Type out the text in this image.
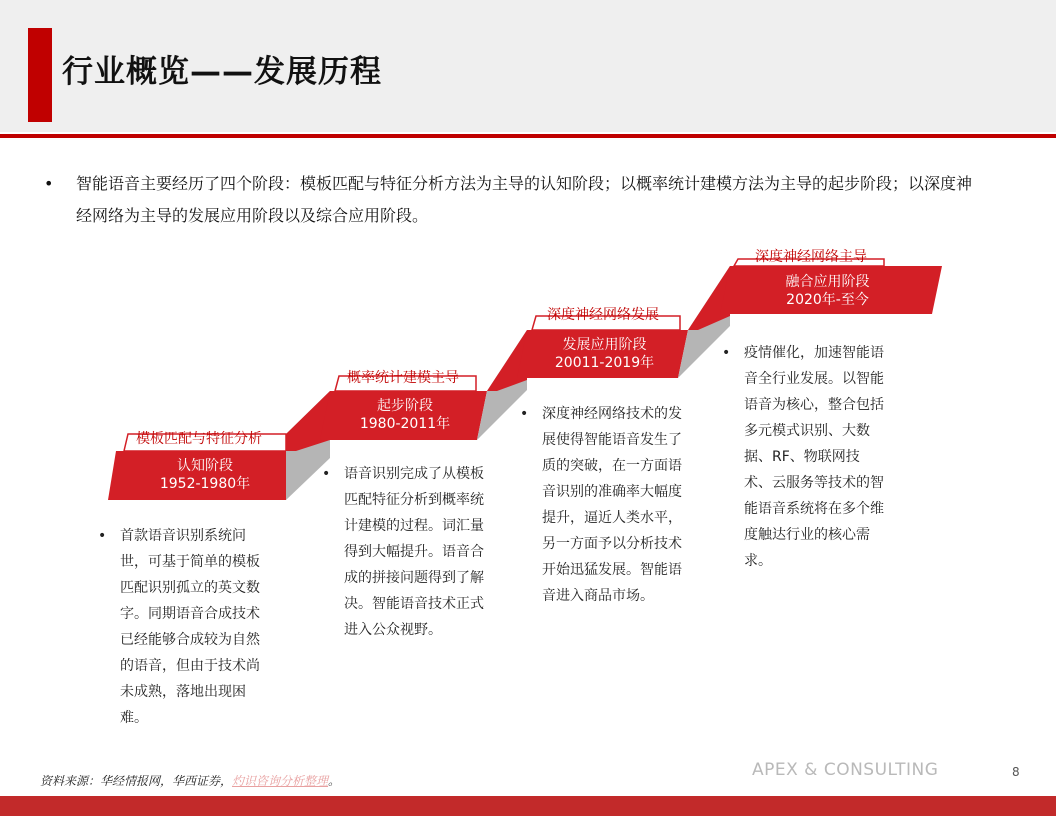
行业概览——发展历程
• 智能语音主要经历了四个阶段：模板匹配与特征分析方法为主导的认知阶段；以概率统计建模方法为主导的起步阶段；以深度神经网络为主导的发展应用阶段以及综合应用阶段。
模板匹配与特征分析
概率统计建模主导
深度神经网络发展
深度神经网络主导
认知阶段
1952-1980年
起步阶段
1980-2011年
发展应用阶段
20011-2019年
融合应用阶段
2020年-至今
• 首款语音识别系统问世，可基于简单的模板匹配识别孤立的英文数字。同期语音合成技术已经能够合成较为自然的语音，但由于技术尚未成熟，落地出现困难。
• 语音识别完成了从模板匹配特征分析到概率统计建模的过程。词汇量得到大幅提升。语音合成的拼接问题得到了解决。智能语音技术正式进入公众视野。
• 深度神经网络技术的发展使得智能语音发生了质的突破，在一方面语音识别的准确率大幅度提升，逼近人类水平，另一方面予以分析技术开始迅猛发展。智能语音进入商品市场。
• 疫情催化，加速智能语音全行业发展。以智能语音为核心，整合包括多元模式识别、大数据、RF、物联网技术、云服务等技术的智能语音系统将在多个维度触达行业的核心需求。
资料来源：华经情报网，华西证券，灼识咨询分析整理。
APEX & CONSULTING	8
